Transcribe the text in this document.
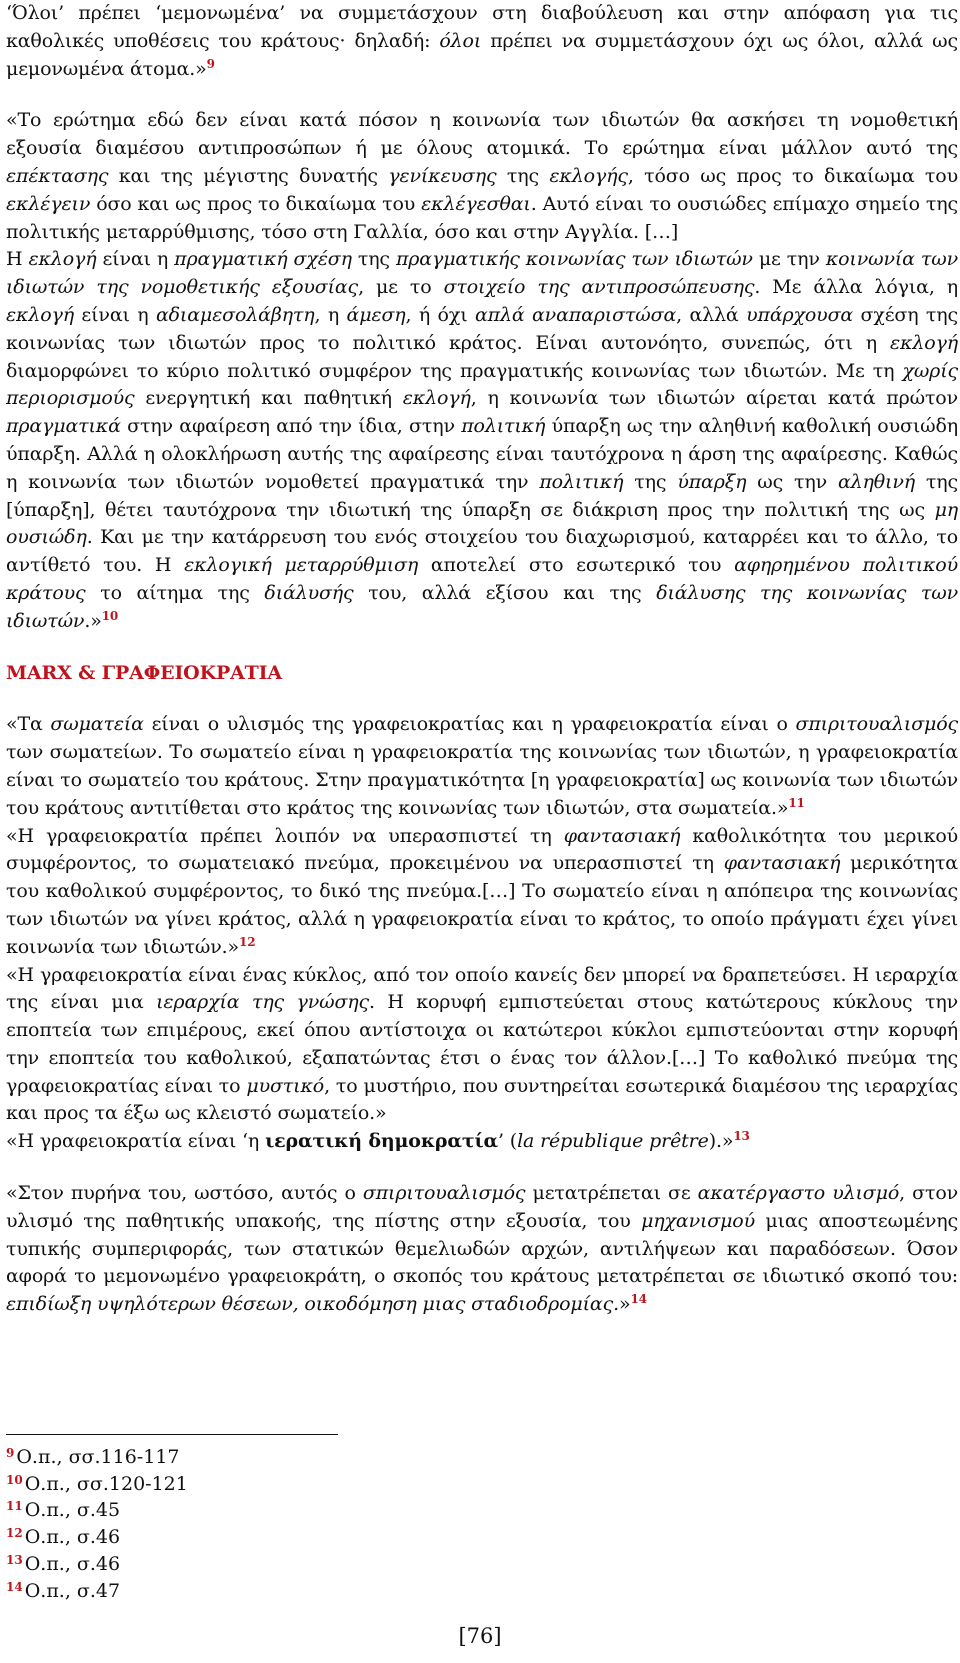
‘Όλοι’ πρέπει ‘μεμονωμένα’ να συμμετάσχουν στη διαβούλευση και στην απόφαση για τις καθολικές υποθέσεις του κράτους· δηλαδή: όλοι πρέπει να συμμετάσχουν όχι ως όλοι, αλλά ως μεμονωμένα άτομα.»$^9$

«Το ερώτημα εδώ δεν είναι κατά πόσον η κοινωνία των ιδιωτών θα ασκήσει τη νομοθετική εξουσία διαμέσου αντιπροσώπων ή με όλους ατομικά. Το ερώτημα είναι μάλλον αυτό της επέκτασης και της μέγιστης δυνατής γενίκευσης της εκλογής, τόσο ως προς το δικαίωμα του εκλέγειν όσο και ως προς το δικαίωμα του εκλέγεσθαι. Αυτό είναι το ουσιώδες επίμαχο σημείο της πολιτικής μεταρρύθμισης, τόσο στη Γαλλία, όσο και στην Αγγλία. […]

Η εκλογή είναι η πραγματική σχέση της πραγματικής κοινωνίας των ιδιωτών με την κοινωνία των ιδιωτών της νομοθετικής εξουσίας, με το στοιχείο της αντιπροσώπευσης. Με άλλα λόγια, η εκλογή είναι η αδιαμεσολάβητη, η άμεση, ή όχι απλά αναπαριστώσα, αλλά υπάρχουσα σχέση της κοινωνίας των ιδιωτών προς το πολιτικό κράτος. Είναι αυτονόητο, συνεπώς, ότι η εκλογή διαμορφώνει το κύριο πολιτικό συμφέρον της πραγματικής κοινωνίας των ιδιωτών. Με τη χωρίς περιορισμούς ενεργητική και παθητική εκλογή, η κοινωνία των ιδιωτών αίρεται κατά πρώτον πραγματικά στην αφαίρεση από την ίδια, στην πολιτική ύπαρξη ως την αληθινή καθολική ουσιώδη ύπαρξη. Αλλά η ολοκλήρωση αυτής της αφαίρεσης είναι ταυτόχρονα η άρση της αφαίρεσης. Καθώς η κοινωνία των ιδιωτών νομοθετεί πραγματικά την πολιτική της ύπαρξη ως την αληθινή της [ύπαρξη], θέτει ταυτόχρονα την ιδιωτική της ύπαρξη σε διάκριση προς την πολιτική της ως μη ουσιώδη. Και με την κατάρρευση του ενός στοιχείου του διαχωρισμού, καταρρέει και το άλλο, το αντίθετό του. Η εκλογική μεταρρύθμιση αποτελεί στο εσωτερικό του αφηρημένου πολιτικού κράτους το αίτημα της διάλυσής του, αλλά εξίσου και της διάλυσης της κοινωνίας των ιδιωτών.»$^{10}$

MARX & ΓΡΑΦΕΙΟΚΡΑΤΙΑ

«Τα σωματεία είναι ο υλισμός της γραφειοκρατίας και η γραφειοκρατία είναι ο σπιριτουαλισμός των σωματείων. Το σωματείο είναι η γραφειοκρατία της κοινωνίας των ιδιωτών, η γραφειοκρατία είναι το σωματείο του κράτους. Στην πραγματικότητα [η γραφειοκρατία] ως κοινωνία των ιδιωτών του κράτους αντιτίθεται στο κράτος της κοινωνίας των ιδιωτών, στα σωματεία.»$^{11}$

«Η γραφειοκρατία πρέπει λοιπόν να υπερασπιστεί τη φαντασιακή καθολικότητα του μερικού συμφέροντος, το σωματειακό πνεύμα, προκειμένου να υπερασπιστεί τη φαντασιακή μερικότητα του καθολικού συμφέροντος, το δικό της πνεύμα.[…] Το σωματείο είναι η απόπειρα της κοινωνίας των ιδιωτών να γίνει κράτος, αλλά η γραφειοκρατία είναι το κράτος, το οποίο πράγματι έχει γίνει κοινωνία των ιδιωτών.»$^{12}$

«Η γραφειοκρατία είναι ένας κύκλος, από τον οποίο κανείς δεν μπορεί να δραπετεύσει. Η ιεραρχία της είναι μια ιεραρχία της γνώσης. Η κορυφή εμπιστεύεται στους κατώτερους κύκλους την εποπτεία των επιμέρους, εκεί όπου αντίστοιχα οι κατώτεροι κύκλοι εμπιστεύονται στην κορυφή την εποπτεία του καθολικού, εξαπατώντας έτσι ο ένας τον άλλον.[…] Το καθολικό πνεύμα της γραφειοκρατίας είναι το μυστικό, το μυστήριο, που συντηρείται εσωτερικά διαμέσου της ιεραρχίας και προς τα έξω ως κλειστό σωματείο.»

«Η γραφειοκρατία είναι ‘η ιερατική δημοκρατία’ (la république prêtre).»$^{13}$

«Στον πυρήνα του, ωστόσο, αυτός ο σπιριτουαλισμός μετατρέπεται σε ακατέργαστο υλισμό, στον υλισμό της παθητικής υπακοής, της πίστης στην εξουσία, του μηχανισμού μιας αποστεωμένης τυπικής συμπεριφοράς, των στατικών θεμελιωδών αρχών, αντιλήψεων και παραδόσεων. Όσον αφορά το μεμονωμένο γραφειοκράτη, ο σκοπός του κράτους μετατρέπεται σε ιδιωτικό σκοπό του: επιδίωξη υψηλότερων θέσεων, οικοδόμηση μιας σταδιοδρομίας.»$^{14}$

$^9$ Ο.π., σσ.116-117
$^{10}$ Ο.π., σσ.120-121
$^{11}$ Ο.π., σ.45
$^{12}$ Ο.π., σ.46
$^{13}$ Ο.π., σ.46
$^{14}$ Ο.π., σ.47
[76]
